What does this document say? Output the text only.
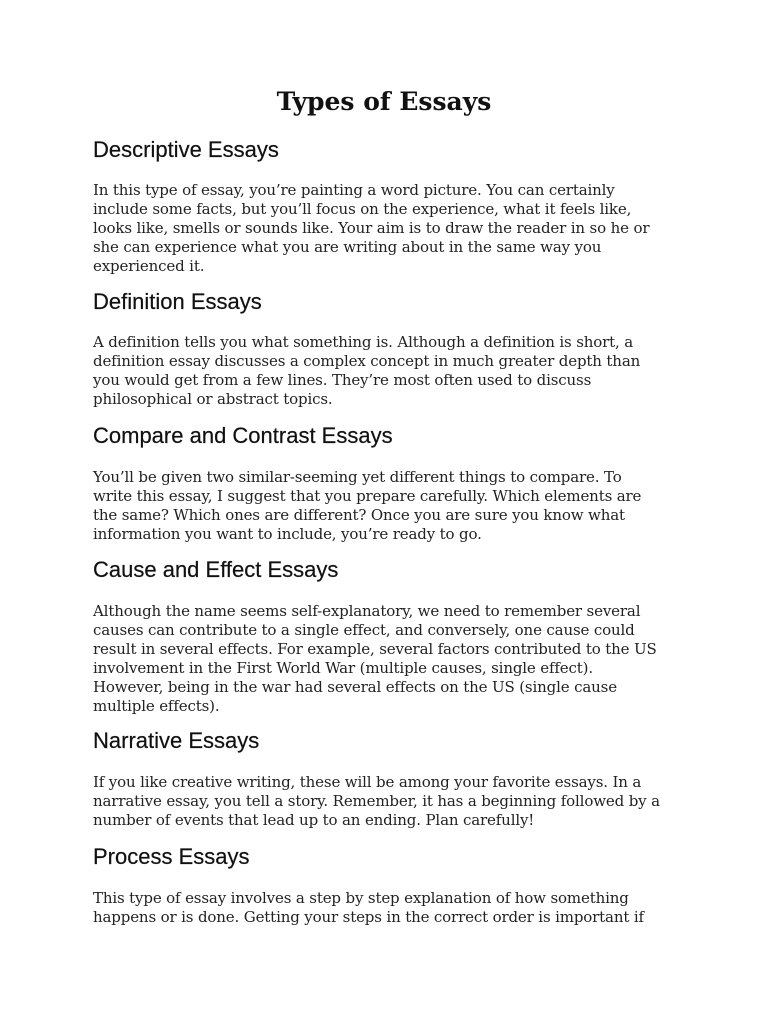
Types of Essays
Descriptive Essays

In this type of essay, you’re painting a word picture. You can certainly
include some facts, but you’ll focus on the experience, what it feels like,
looks like, smells or sounds like. Your aim is to draw the reader in so he or
she can experience what you are writing about in the same way you
experienced it.

Definition Essays

A definition tells you what something is. Although a definition is short, a
definition essay discusses a complex concept in much greater depth than
you would get from a few lines. They’re most often used to discuss
philosophical or abstract topics.

Compare and Contrast Essays

You’ll be given two similar-seeming yet different things to compare. To
write this essay, I suggest that you prepare carefully. Which elements are
the same? Which ones are different? Once you are sure you know what
information you want to include, you’re ready to go.

Cause and Effect Essays

Although the name seems self-explanatory, we need to remember several
causes can contribute to a single effect, and conversely, one cause could
result in several effects. For example, several factors contributed to the US
involvement in the First World War (multiple causes, single effect).
However, being in the war had several effects on the US (single cause
multiple effects).

Narrative Essays

If you like creative writing, these will be among your favorite essays. In a
narrative essay, you tell a story. Remember, it has a beginning followed by a
number of events that lead up to an ending. Plan carefully!

Process Essays

This type of essay involves a step by step explanation of how something
happens or is done. Getting your steps in the correct order is important if
